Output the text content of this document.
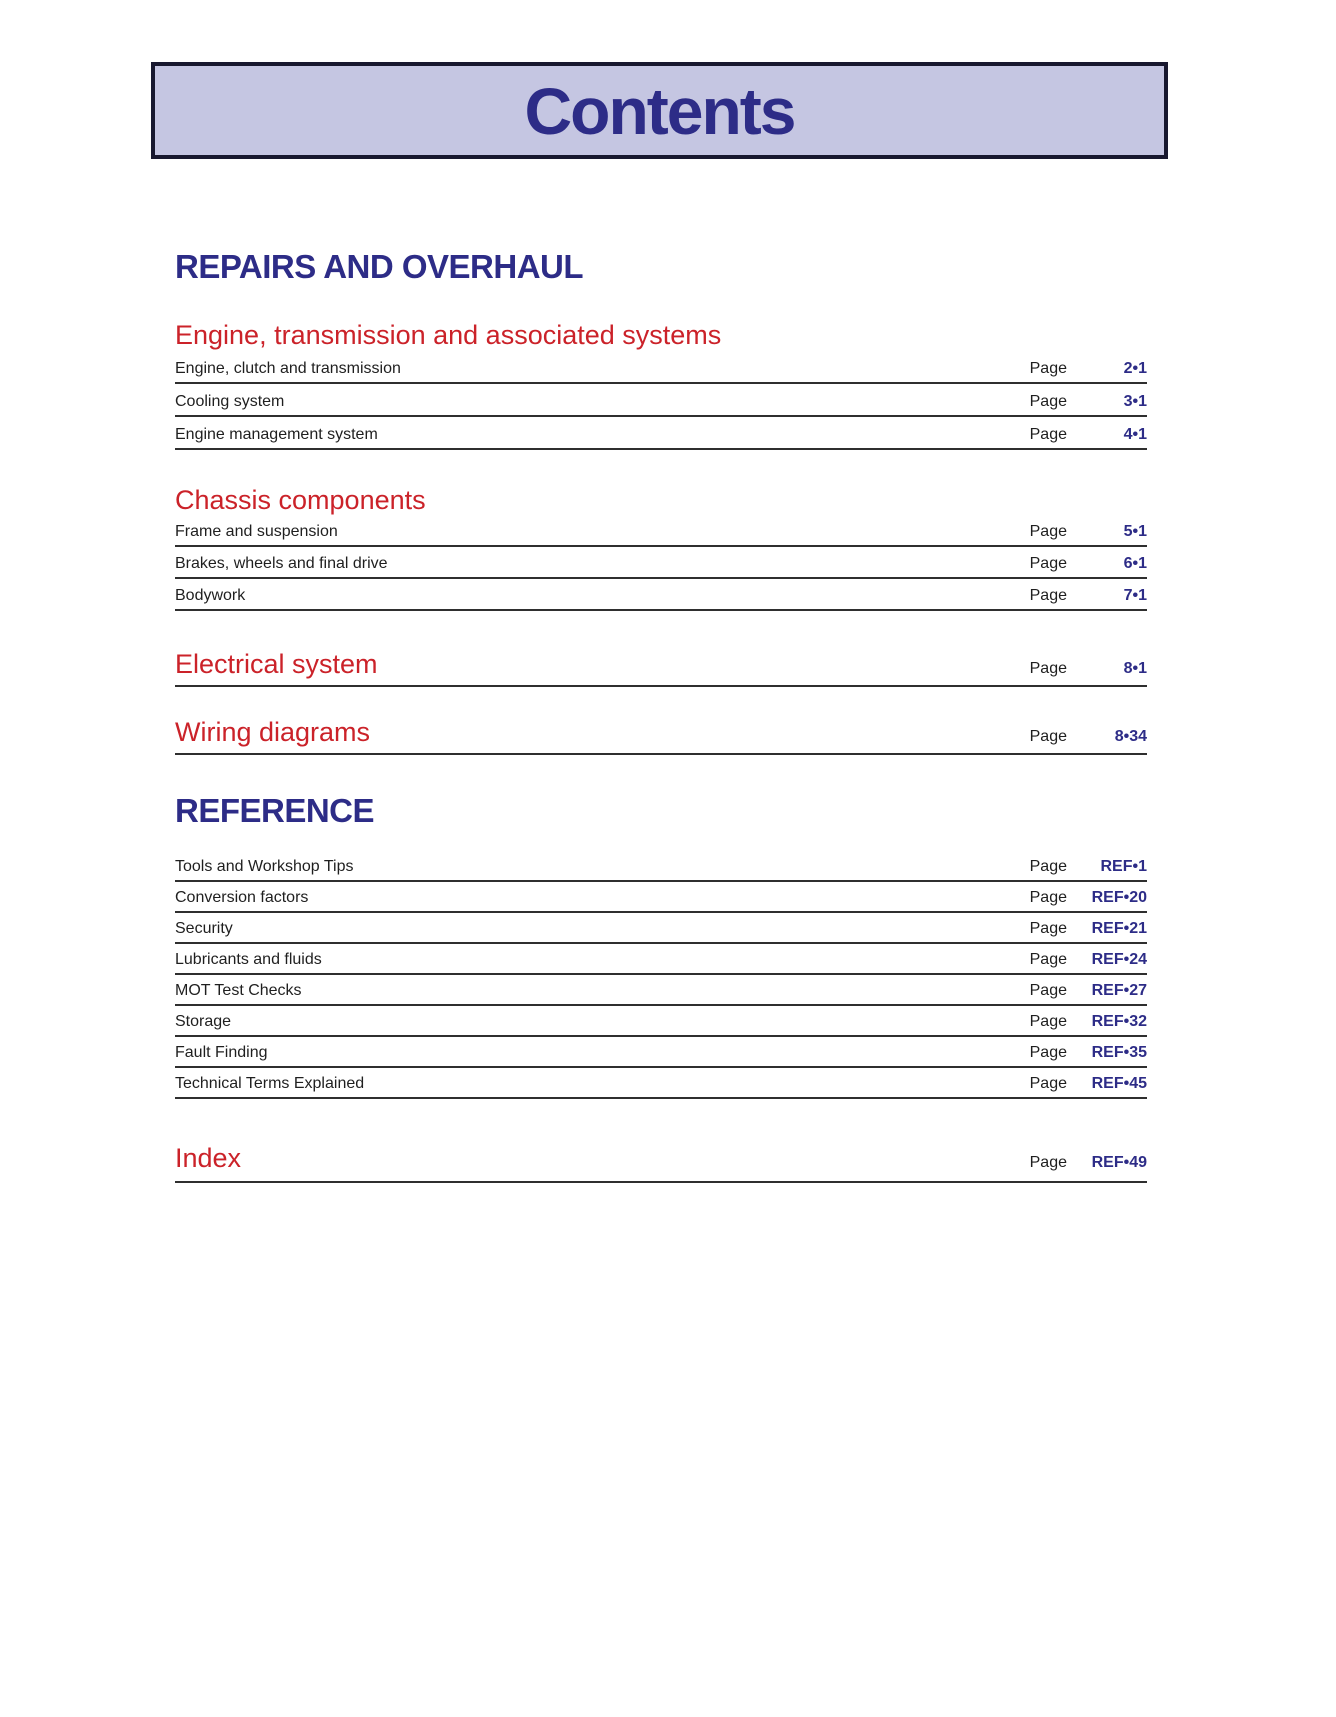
Contents
REPAIRS AND OVERHAUL
Engine, transmission and associated systems
Engine, clutch and transmission	Page	2•1
Cooling system	Page	3•1
Engine management system	Page	4•1
Chassis components
Frame and suspension	Page	5•1
Brakes, wheels and final drive	Page	6•1
Bodywork	Page	7•1
Electrical system	Page	8•1
Wiring diagrams	Page	8•34
REFERENCE
Tools and Workshop Tips	Page	REF•1
Conversion factors	Page	REF•20
Security	Page	REF•21
Lubricants and fluids	Page	REF•24
MOT Test Checks	Page	REF•27
Storage	Page	REF•32
Fault Finding	Page	REF•35
Technical Terms Explained	Page	REF•45
Index	Page	REF•49
